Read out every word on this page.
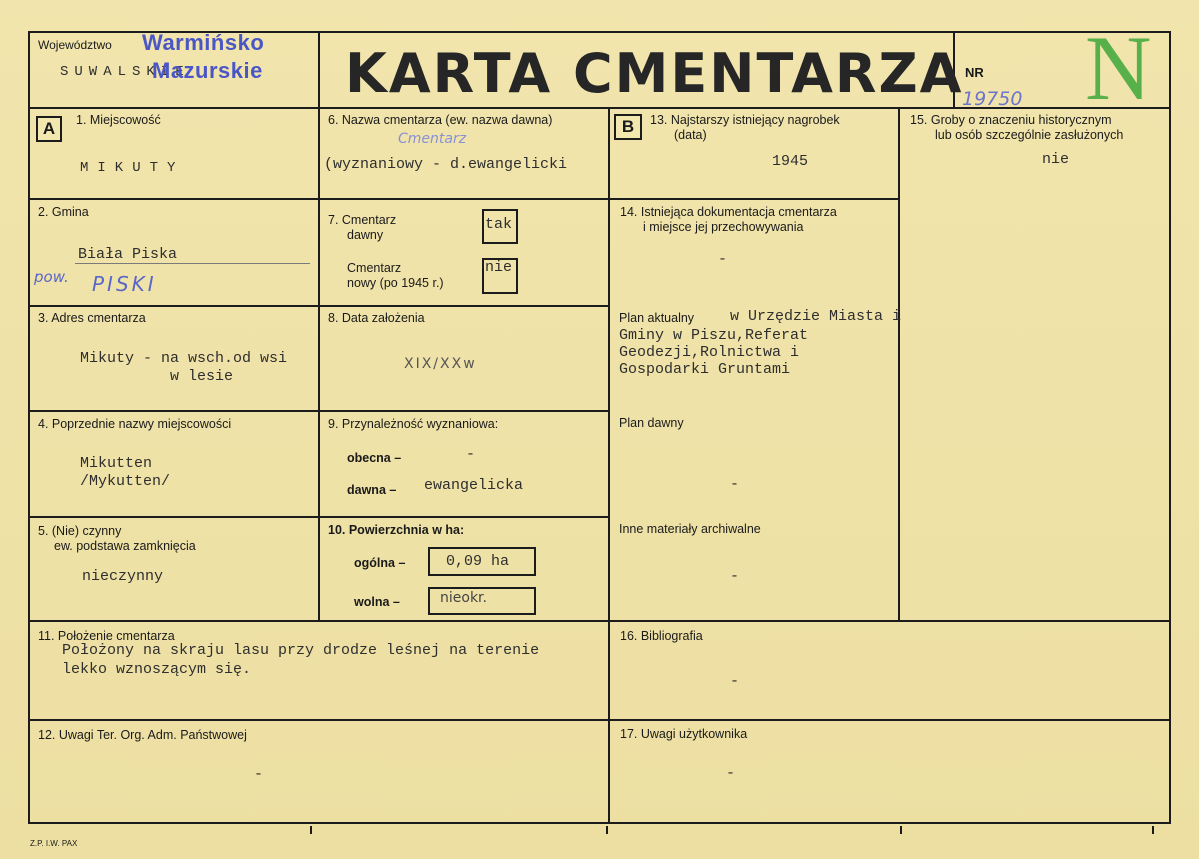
Województwo
SUWALSKIE
Warmińsko
Mazurskie KARTA CMENTARZA NR
19750 N
A	B
1. Miejscowość
MIKUTY
2. Gmina
Biała Piska
pow. PISKI
3. Adres cmentarza
Mikuty - na wsch.od wsi
w lesie
4. Poprzednie nazwy miejscowości
Mikutten
/Mykutten/
5. (Nie) czynny
ew. podstawa zamknięcia
nieczynny
6. Nazwa cmentarza (ew. nazwa dawna)
Cmentarz
(wyznaniowy - d.ewangelicki
7. Cmentarz
dawny
tak
Cmentarz
nowy (po 1945 r.)
nie
8. Data założenia
XIX/XXw
9. Przynależność wyznaniowa:
obecna –	-
dawna – ewangelicka
10. Powierzchnia w ha:
ogólna –	0,09 ha
wolna –	nieokr.
11. Położenie cmentarza
Położony na skraju lasu przy drodze leśnej na terenie
lekko wznoszącym się.
12. Uwagi Ter. Org. Adm. Państwowej
-
13. Najstarszy istniejący nagrobek
(data)
1945
14. Istniejąca dokumentacja cmentarza
i miejsce jej przechowywania
-
Plan aktualny w Urzędzie Miasta i
Gminy w Piszu,Referat
Geodezji,Rolnictwa i
Gospodarki Gruntami
Plan dawny
-
Inne materiały archiwalne
-
15. Groby o znaczeniu historycznym
lub osób szczególnie zasłużonych
nie
16. Bibliografia
-
17. Uwagi użytkownika
-
Z.P. I.W. PAX
